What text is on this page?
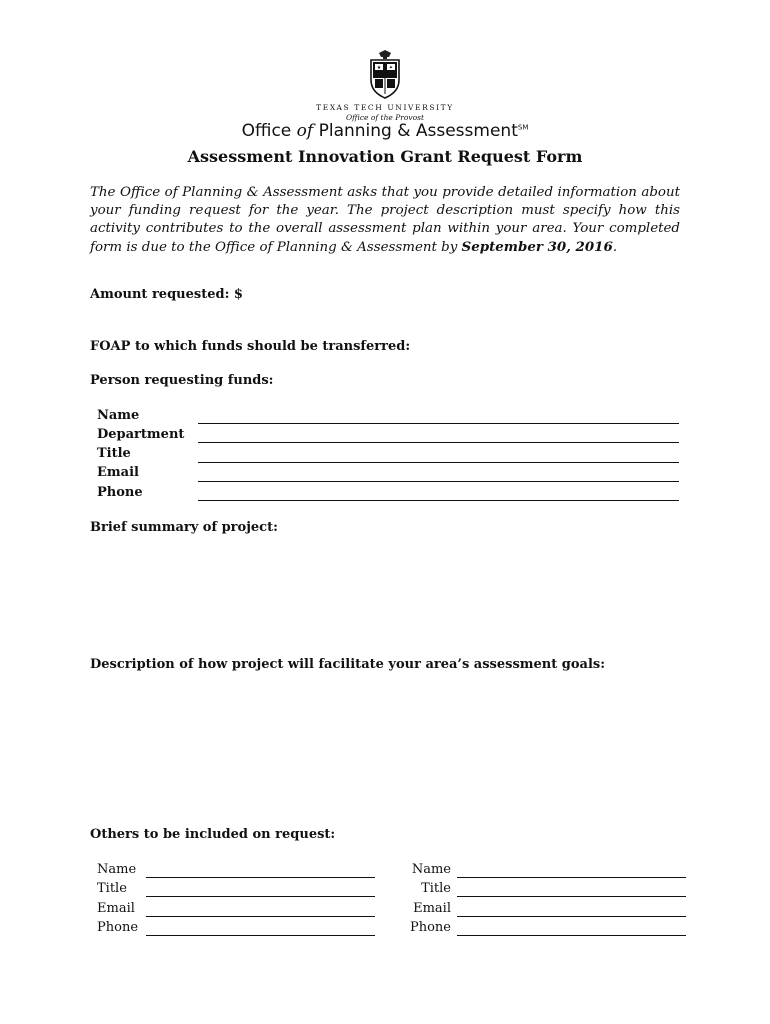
★ ✦
TEXAS TECH UNIVERSITY
Office of the Provost
Office of Planning & Assessment℠
Assessment Innovation Grant Request Form
The Office of Planning & Assessment asks that you provide detailed information about your funding request for the year. The project description must specify how this activity contributes to the overall assessment plan within your area. Your completed form is due to the Office of Planning & Assessment by September 30, 2016.
Amount requested: $
FOAP to which funds should be transferred:
Person requesting funds:
Name
Department
Title
Email
Phone
Brief summary of project:
Description of how project will facilitate your area’s assessment goals:
Others to be included on request:
Name
Title
Email
Phone
Name
Title
Email
Phone
